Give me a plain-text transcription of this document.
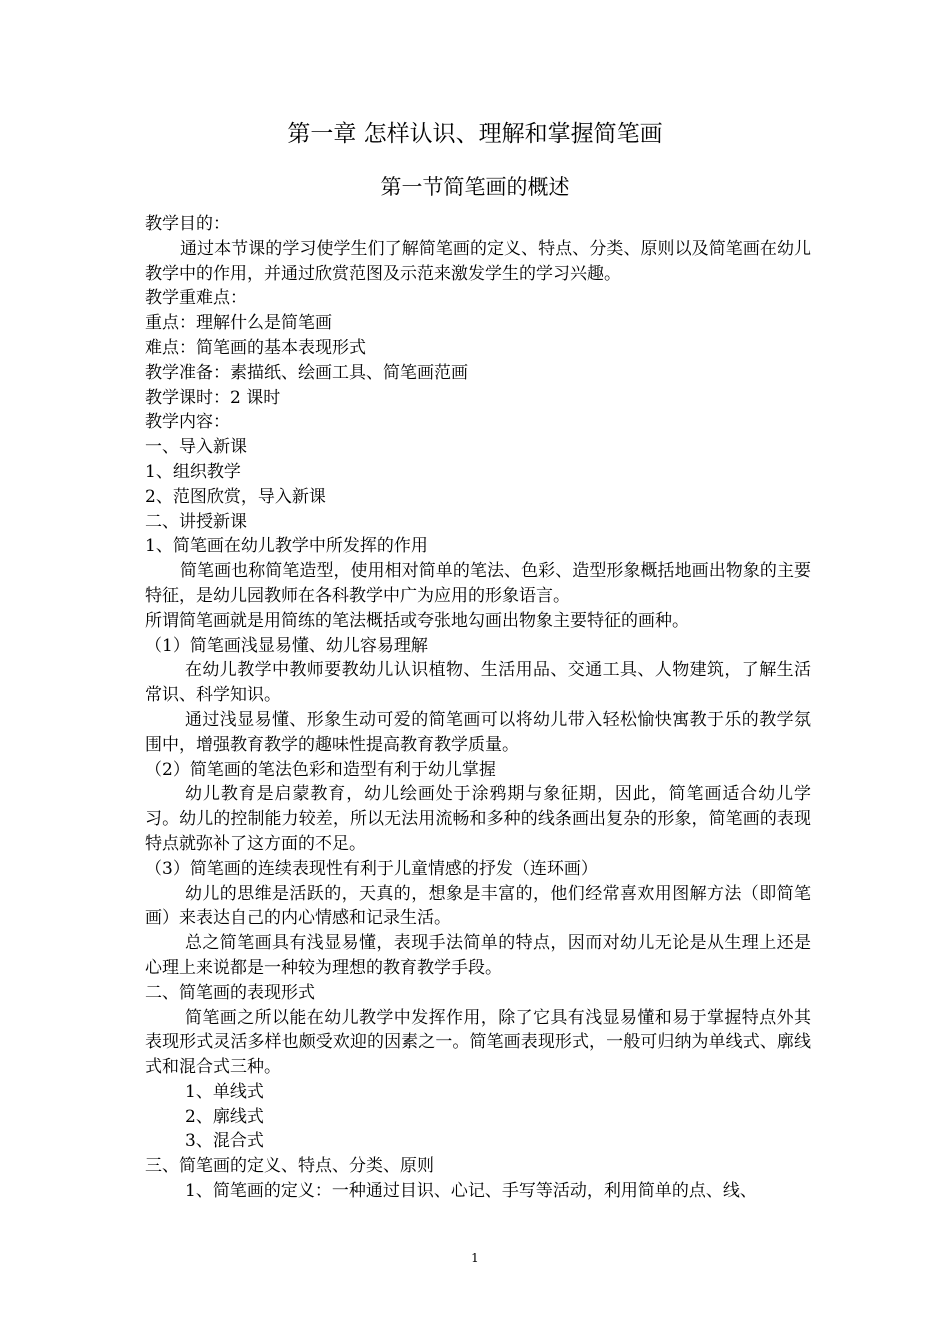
第一章 怎样认识、理解和掌握简笔画
第一节简笔画的概述

教学目的：

通过本节课的学习使学生们了解简笔画的定义、特点、分类、原则以及简笔画在幼儿教学中的作用，并通过欣赏范图及示范来激发学生的学习兴趣。

教学重难点：

重点：理解什么是简笔画

难点：简笔画的基本表现形式

教学准备：素描纸、绘画工具、简笔画范画

教学课时：2 课时

教学内容：

一、导入新课

1、组织教学

2、范图欣赏，导入新课

二、讲授新课

1、简笔画在幼儿教学中所发挥的作用

简笔画也称简笔造型，使用相对简单的笔法、色彩、造型形象概括地画出物象的主要特征，是幼儿园教师在各科教学中广为应用的形象语言。

所谓简笔画就是用简练的笔法概括或夸张地勾画出物象主要特征的画种。

（1）简笔画浅显易懂、幼儿容易理解

在幼儿教学中教师要教幼儿认识植物、生活用品、交通工具、人物建筑，了解生活常识、科学知识。

通过浅显易懂、形象生动可爱的简笔画可以将幼儿带入轻松愉快寓教于乐的教学氛围中，增强教育教学的趣味性提高教育教学质量。

（2）简笔画的笔法色彩和造型有利于幼儿掌握

幼儿教育是启蒙教育，幼儿绘画处于涂鸦期与象征期，因此，简笔画适合幼儿学习。幼儿的控制能力较差，所以无法用流畅和多种的线条画出复杂的形象，简笔画的表现特点就弥补了这方面的不足。

（3）简笔画的连续表现性有利于儿童情感的抒发（连环画）

幼儿的思维是活跃的，天真的，想象是丰富的，他们经常喜欢用图解方法（即简笔画）来表达自己的内心情感和记录生活。

总之简笔画具有浅显易懂，表现手法简单的特点，因而对幼儿无论是从生理上还是心理上来说都是一种较为理想的教育教学手段。

二、简笔画的表现形式

简笔画之所以能在幼儿教学中发挥作用，除了它具有浅显易懂和易于掌握特点外其表现形式灵活多样也颇受欢迎的因素之一。简笔画表现形式，一般可归纳为单线式、廓线式和混合式三种。

1、单线式

2、廓线式

3、混合式

三、简笔画的定义、特点、分类、原则

1、简笔画的定义：一种通过目识、心记、手写等活动，利用简单的点、线、

1
